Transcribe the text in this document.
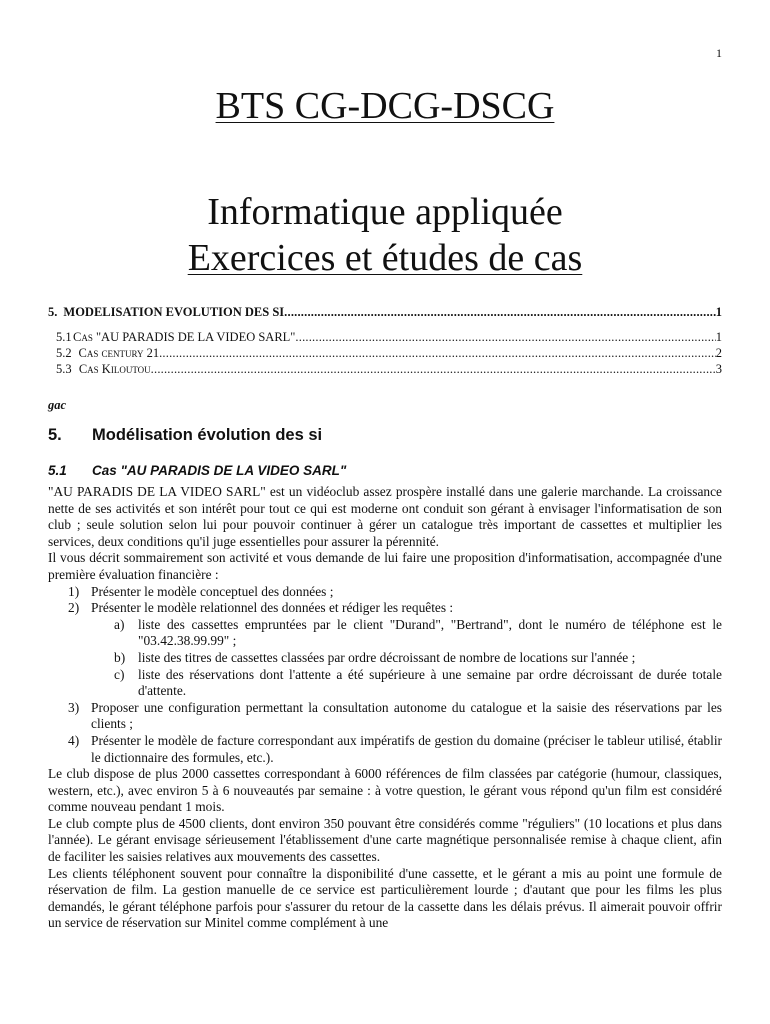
1
BTS CG-DCG-DSCG
Informatique appliquée
Exercices et études de cas
5. MODELISATION EVOLUTION DES SI .....	1
5.1 Cas "AU PARADIS DE LA VIDEO SARL" .....	1
5.2 Cas century 21 .....	2
5.3 Cas Kiloutou .....	3
gac
5. Modélisation évolution des si
5.1 Cas "AU PARADIS DE LA VIDEO SARL"

"AU PARADIS DE LA VIDEO SARL" est un vidéoclub assez prospère installé dans une galerie marchande. La croissance nette de ses activités et son intérêt pour tout ce qui est moderne ont conduit son gérant à envisager l'informatisation de son club ; seule solution selon lui pour pouvoir continuer à gérer un catalogue très important de cassettes et multiplier les services, deux conditions qu'il juge essentielles pour assurer la pérennité.

Il vous décrit sommairement son activité et vous demande de lui faire une proposition d'informatisation, accompagnée d'une première évaluation financière :

1) Présenter le modèle conceptuel des données ;
2) Présenter le modèle relationnel des données et rédiger les requêtes :
a) liste des cassettes empruntées par le client "Durand", "Bertrand", dont le numéro de téléphone est le "03.42.38.99.99" ;
b) liste des titres de cassettes classées par ordre décroissant de nombre de locations sur l'année ;
c) liste des réservations dont l'attente a été supérieure à une semaine par ordre décroissant de durée totale d'attente.
3) Proposer une configuration permettant la consultation autonome du catalogue et la saisie des réservations par les clients ;
4) Présenter le modèle de facture correspondant aux impératifs de gestion du domaine (préciser le tableur utilisé, établir le dictionnaire des formules, etc.).

Le club dispose de plus 2000 cassettes correspondant à 6000 références de film classées par catégorie (humour, classiques, western, etc.), avec environ 5 à 6 nouveautés par semaine : à votre question, le gérant vous répond qu'un film est considéré comme nouveau pendant 1 mois.

Le club compte plus de 4500 clients, dont environ 350 pouvant être considérés comme "réguliers" (10 locations et plus dans l'année). Le gérant envisage sérieusement l'établissement d'une carte magnétique personnalisée remise à chaque client, afin de faciliter les saisies relatives aux mouvements des cassettes.

Les clients téléphonent souvent pour connaître la disponibilité d'une cassette, et le gérant a mis au point une formule de réservation de film. La gestion manuelle de ce service est particulièrement lourde ; d'autant que pour les films les plus demandés, le gérant téléphone parfois pour s'assurer du retour de la cassette dans les délais prévus. Il aimerait pouvoir offrir un service de réservation sur Minitel comme complément à une
